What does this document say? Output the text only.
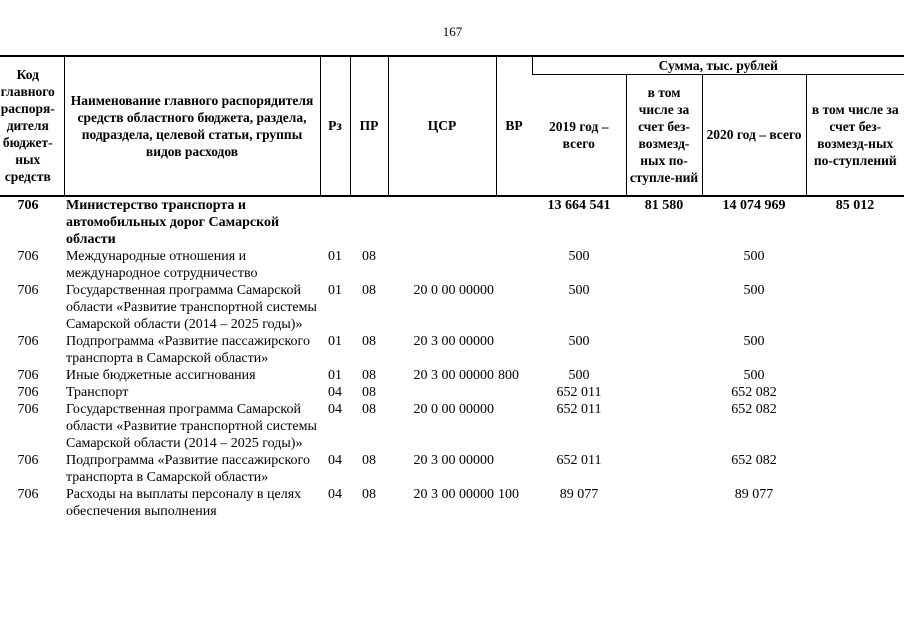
167
Код главного распоря-дителя бюджет-ных средств	Наименование главного распорядителя средств областного бюджета, раздела, подраздела, целевой статьи, группы видов расходов	Рз	ПР	ЦСР	ВР	Сумма, тыс. рублей			
						2019 год – всего	в том числе за счет без-возмезд-ных по-ступле-ний	2020 год – всего	в том числе за счет без-возмезд-ных по-ступлений
706	Министерство транспорта и автомобильных дорог Самарской области					13 664 541	81 580	14 074 969	85 012
706	Международные отношения и международное сотрудничество	01	08			500		500	
706	Государственная программа Самарской области «Развитие транспортной системы Самарской области (2014 – 2025 годы)»	01	08	20 0 00 00000		500		500	
706	Подпрограмма «Развитие пассажирского транспорта в Самарской области»	01	08	20 3 00 00000		500		500	
706	Иные бюджетные ассигнования	01	08	20 3 00 00000	800	500		500	
706	Транспорт	04	08			652 011		652 082	
706	Государственная программа Самарской области «Развитие транспортной системы Самарской области (2014 – 2025 годы)»	04	08	20 0 00 00000		652 011		652 082	
706	Подпрограмма «Развитие пассажирского транспорта в Самарской области»	04	08	20 3 00 00000		652 011		652 082	
706	Расходы на выплаты персоналу в целях обеспечения выполнения	04	08	20 3 00 00000	100	89 077		89 077	
